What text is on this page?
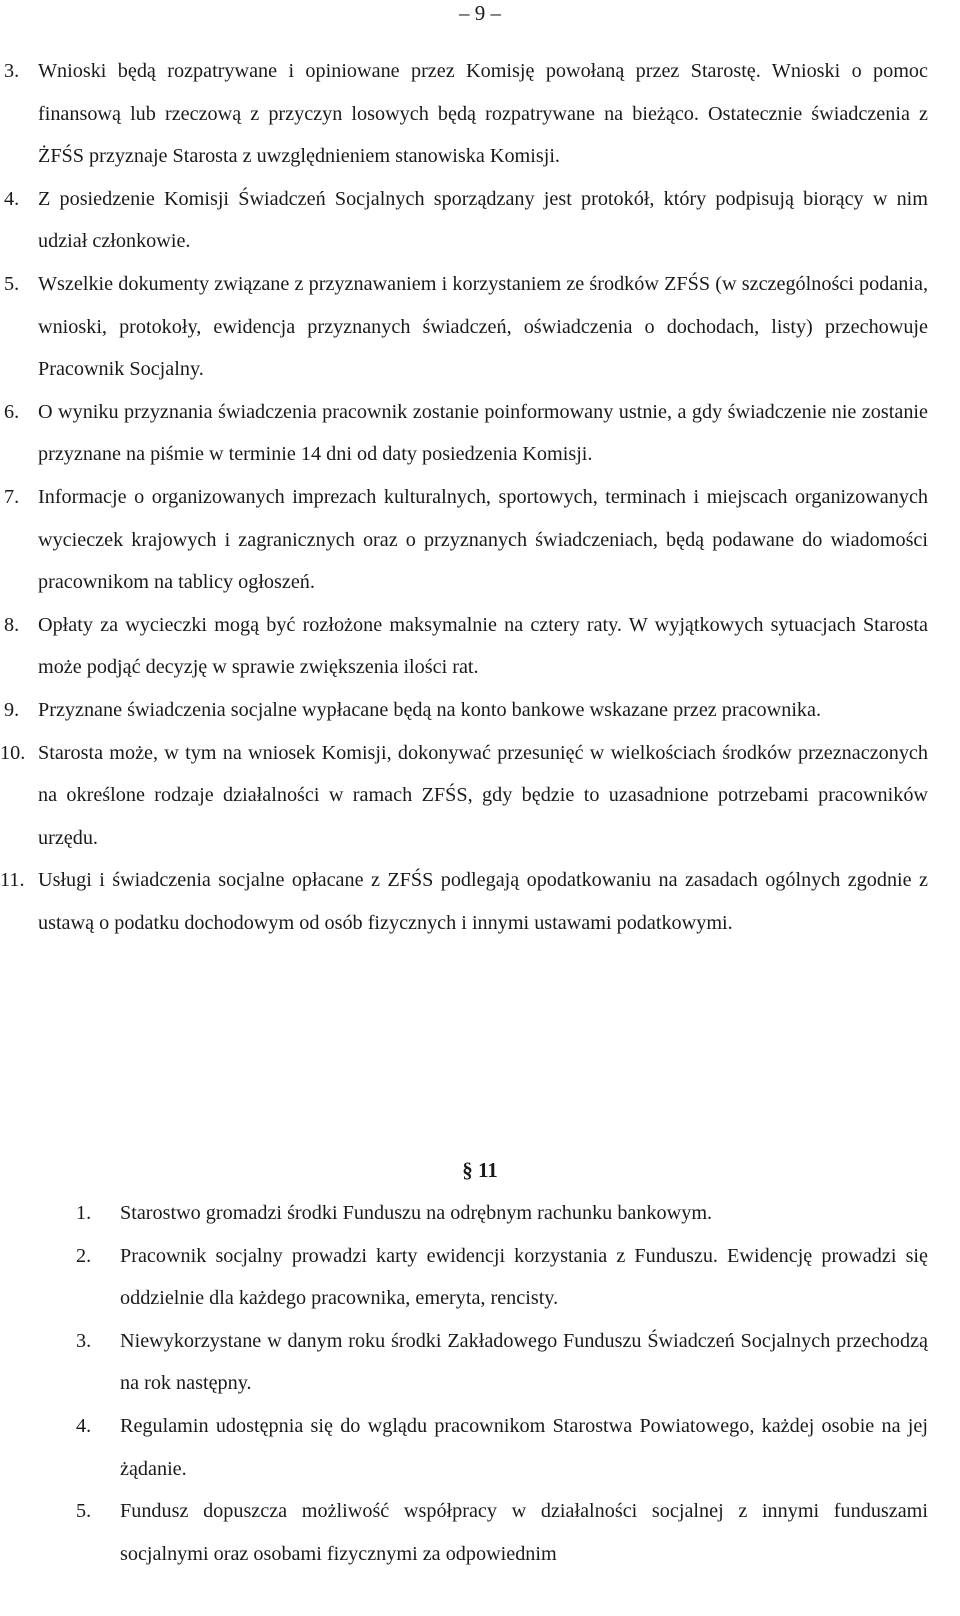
– 9 –
3. Wnioski będą rozpatrywane i opiniowane przez Komisję powołaną przez Starostę. Wnioski o pomoc finansową lub rzeczową z przyczyn losowych będą rozpatrywane na bieżąco. Ostatecznie świadczenia z ŻFŚS przyznaje Starosta z uwzględnieniem stanowiska Komisji.
4. Z posiedzenie Komisji Świadczeń Socjalnych sporządzany jest protokół, który podpisują biorący w nim udział członkowie.
5. Wszelkie dokumenty związane z przyznawaniem i korzystaniem ze środków ZFŚS (w szczególności podania, wnioski, protokoły, ewidencja przyznanych świadczeń, oświadczenia o dochodach, listy) przechowuje Pracownik Socjalny.
6. O wyniku przyznania świadczenia pracownik zostanie poinformowany ustnie, a gdy świadczenie nie zostanie przyznane na piśmie w terminie 14 dni od daty posiedzenia Komisji.
7. Informacje o organizowanych imprezach kulturalnych, sportowych, terminach i miejscach organizowanych wycieczek krajowych i zagranicznych oraz o przyznanych świadczeniach, będą podawane do wiadomości pracownikom na tablicy ogłoszeń.
8. Opłaty za wycieczki mogą być rozłożone maksymalnie na cztery raty. W wyjątkowych sytuacjach Starosta może podjąć decyzję w sprawie zwiększenia ilości rat.
9. Przyznane świadczenia socjalne wypłacane będą na konto bankowe wskazane przez pracownika.
10. Starosta może, w tym na wniosek Komisji, dokonywać przesunięć w wielkościach środków przeznaczonych na określone rodzaje działalności w ramach ZFŚS, gdy będzie to uzasadnione potrzebami pracowników urzędu.
11. Usługi i świadczenia socjalne opłacane z ZFŚS podlegają opodatkowaniu na zasadach ogólnych zgodnie z ustawą o podatku dochodowym od osób fizycznych i innymi ustawami podatkowymi.
§ 11
1. Starostwo gromadzi środki Funduszu na odrębnym rachunku bankowym.
2. Pracownik socjalny prowadzi karty ewidencji korzystania z Funduszu. Ewidencję prowadzi się oddzielnie dla każdego pracownika, emeryta, rencisty.
3. Niewykorzystane w danym roku środki Zakładowego Funduszu Świadczeń Socjalnych przechodzą na rok następny.
4. Regulamin udostępnia się do wglądu pracownikom Starostwa Powiatowego, każdej osobie na jej żądanie.
5. Fundusz dopuszcza możliwość współpracy w działalności socjalnej z innymi funduszami socjalnymi oraz osobami fizycznymi za odpowiednim
